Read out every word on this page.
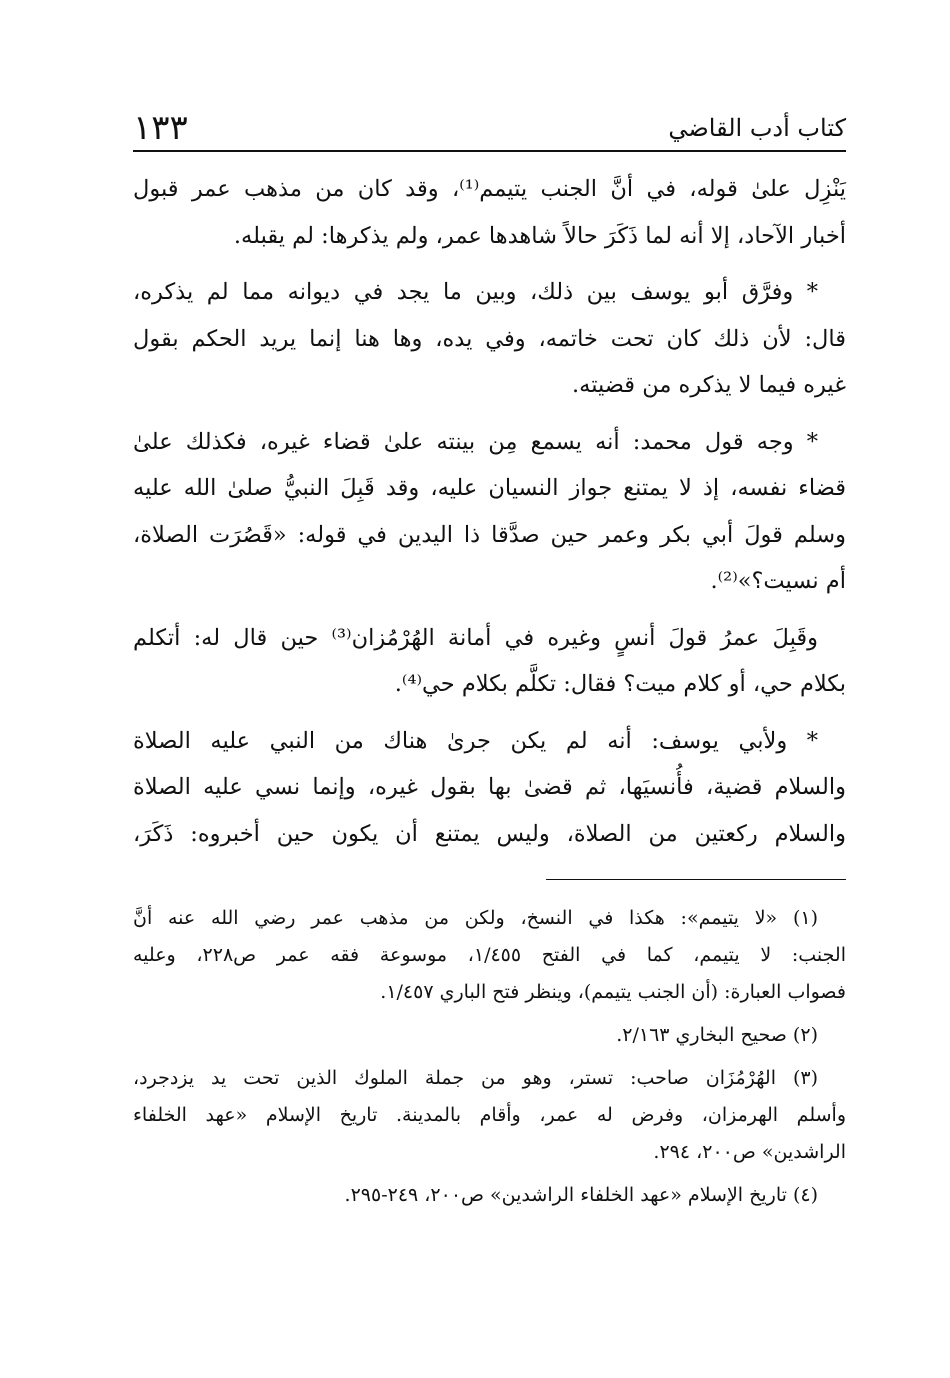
كتاب أدب القاضي
١٣٣

يَنْزِل علىٰ قوله، في أنَّ الجنب يتيمم⁽¹⁾، وقد كان من مذهب عمر قبول
أخبار الآحاد، إلا أنه لما ذَكَرَ حالاً شاهدها عمر، ولم يذكرها: لم يقبله.

* وفرَّق أبو يوسف بين ذلك، وبين ما يجد في ديوانه مما لم يذكره،
قال: لأن ذلك كان تحت خاتمه، وفي يده، وها هنا إنما يريد الحكم بقول
غيره فيما لا يذكره من قضيته.

* وجه قول محمد: أنه يسمع مِن بينته علىٰ قضاء غيره، فكذلك علىٰ
قضاء نفسه، إذ لا يمتنع جواز النسيان عليه، وقد قَبِلَ النبيُّ صلىٰ الله عليه
وسلم قولَ أبي بكر وعمر حين صدَّقا ذا اليدين في قوله: «قَصُرَت الصلاة،
أم نسيت؟»⁽²⁾.

وقَبِلَ عمرُ قولَ أنسٍ وغيره في أمانة الهُرْمُزان⁽³⁾ حين قال له: أتكلم
بكلام حي، أو كلام ميت؟ فقال: تكلَّم بكلام حي⁽⁴⁾.

* ولأبي يوسف: أنه لم يكن جرىٰ هناك من النبي عليه الصلاة
والسلام قضية، فأُنسيَها، ثم قضىٰ بها بقول غيره، وإنما نسي عليه الصلاة
والسلام ركعتين من الصلاة، وليس يمتنع أن يكون حين أخبروه: ذَكَرَ،

(١) «لا يتيمم»: هكذا في النسخ، ولكن من مذهب عمر رضي الله عنه أنَّ
الجنب: لا يتيمم، كما في الفتح ١/٤٥٥، موسوعة فقه عمر ص٢٢٨، وعليه
فصواب العبارة: (أن الجنب يتيمم)، وينظر فتح الباري ١/٤٥٧.
(٢) صحيح البخاري ٢/١٦٣.
(٣) الهُرْمُزَان صاحب: تستر، وهو من جملة الملوك الذين تحت يد يزدجرد،
وأسلم الهرمزان، وفرض له عمر، وأقام بالمدينة. تاريخ الإسلام «عهد الخلفاء
الراشدين» ص٢٠٠، ٢٩٤.
(٤) تاريخ الإسلام «عهد الخلفاء الراشدين» ص٢٠٠، ٢٤٩-٢٩٥.
